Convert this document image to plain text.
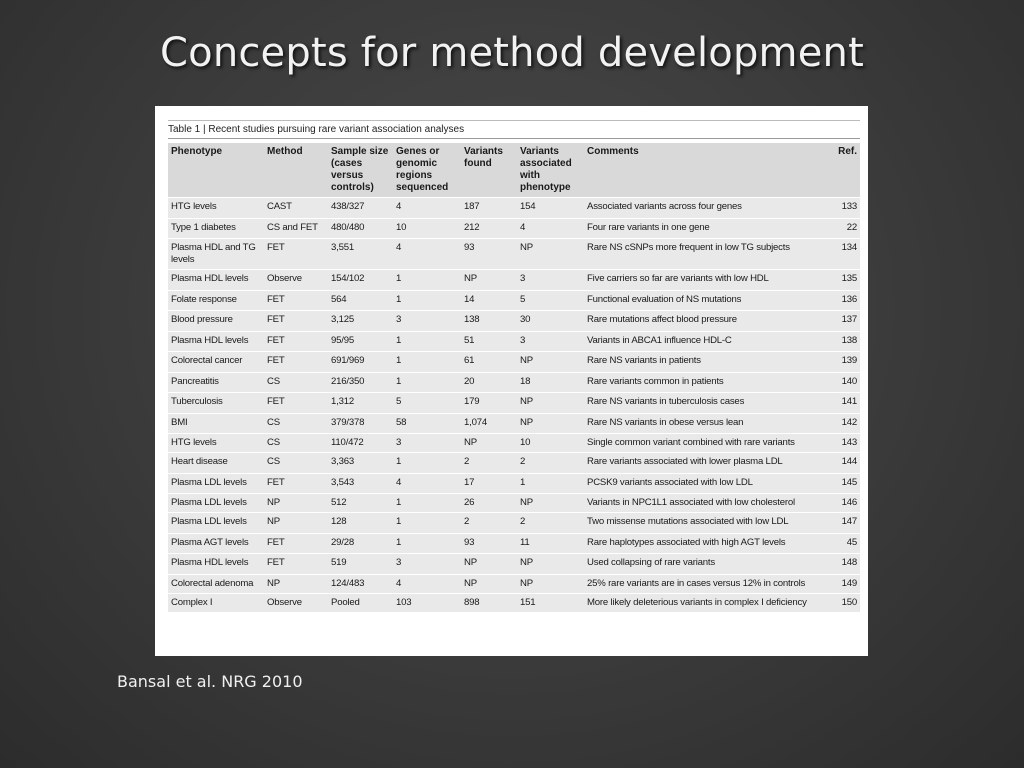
Concepts for method development
Table 1 | Recent studies pursuing rare variant association analyses
Phenotype	Method	Sample size (cases versus controls)	Genes or genomic regions sequenced	Variants found	Variants associated with phenotype	Comments	Ref.
HTG levels	CAST	438/327	4	187	154	Associated variants across four genes	133
Type 1 diabetes	CS and FET	480/480	10	212	4	Four rare variants in one gene	22
Plasma HDL and TG levels	FET	3,551	4	93	NP	Rare NS cSNPs more frequent in low TG subjects	134
Plasma HDL levels	Observe	154/102	1	NP	3	Five carriers so far are variants with low HDL	135
Folate response	FET	564	1	14	5	Functional evaluation of NS mutations	136
Blood pressure	FET	3,125	3	138	30	Rare mutations affect blood pressure	137
Plasma HDL levels	FET	95/95	1	51	3	Variants in ABCA1 influence HDL-C	138
Colorectal cancer	FET	691/969	1	61	NP	Rare NS variants in patients	139
Pancreatitis	CS	216/350	1	20	18	Rare variants common in patients	140
Tuberculosis	FET	1,312	5	179	NP	Rare NS variants in tuberculosis cases	141
BMI	CS	379/378	58	1,074	NP	Rare NS variants in obese versus lean	142
HTG levels	CS	110/472	3	NP	10	Single common variant combined with rare variants	143
Heart disease	CS	3,363	1	2	2	Rare variants associated with lower plasma LDL	144
Plasma LDL levels	FET	3,543	4	17	1	PCSK9 variants associated with low LDL	145
Plasma LDL levels	NP	512	1	26	NP	Variants in NPC1L1 associated with low cholesterol	146
Plasma LDL levels	NP	128	1	2	2	Two missense mutations associated with low LDL	147
Plasma AGT levels	FET	29/28	1	93	11	Rare haplotypes associated with high AGT levels	45
Plasma HDL levels	FET	519	3	NP	NP	Used collapsing of rare variants	148
Colorectal adenoma	NP	124/483	4	NP	NP	25% rare variants are in cases versus 12% in controls	149
Complex I	Observe	Pooled	103	898	151	More likely deleterious variants in complex I deficiency	150
Bansal et al. NRG 2010
